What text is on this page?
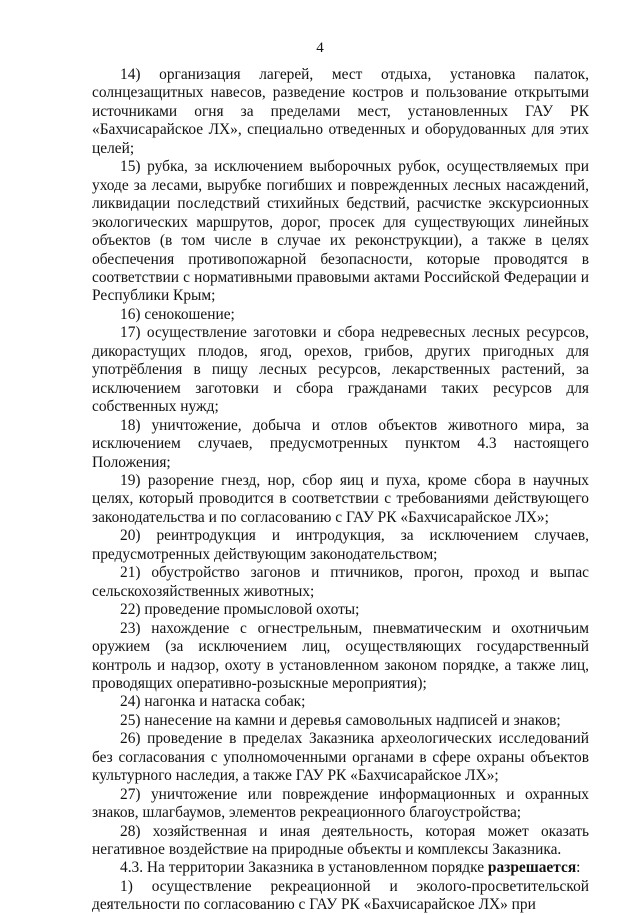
4

14) организация лагерей, мест отдыха, установка палаток, солнцезащитных навесов, разведение костров и пользование открытыми источниками огня за пределами мест, установленных ГАУ РК «Бахчисарайское ЛХ», специально отведенных и оборудованных для этих целей;

15) рубка, за исключением выборочных рубок, осуществляемых при уходе за лесами, вырубке погибших и поврежденных лесных насаждений, ликвидации последствий стихийных бедствий, расчистке экскурсионных экологических маршрутов, дорог, просек для существующих линейных объектов (в том числе в случае их реконструкции), а также в целях обеспечения противопожарной безопасности, которые проводятся в соответствии с нормативными правовыми актами Российской Федерации и Республики Крым;

16) сенокошение;

17) осуществление заготовки и сбора недревесных лесных ресурсов, дикорастущих плодов, ягод, орехов, грибов, других пригодных для употрёбления в пищу лесных ресурсов, лекарственных растений, за исключением заготовки и сбора гражданами таких ресурсов для собственных нужд;

18) уничтожение, добыча и отлов объектов животного мира, за исключением случаев, предусмотренных пунктом 4.3 настоящего Положения;

19) разорение гнезд, нор, сбор яиц и пуха, кроме сбора в научных целях, который проводится в соответствии с требованиями действующего законодательства и по согласованию с ГАУ РК «Бахчисарайское ЛХ»;

20) реинтродукция и интродукция, за исключением случаев, предусмотренных действующим законодательством;

21) обустройство загонов и птичников, прогон, проход и выпас сельскохозяйственных животных;

22) проведение промысловой охоты;

23) нахождение с огнестрельным, пневматическим и охотничьим оружием (за исключением лиц, осуществляющих государственный контроль и надзор, охоту в установленном законом порядке, а также лиц, проводящих оперативно-розыскные мероприятия);

24) нагонка и натаска собак;

25) нанесение на камни и деревья самовольных надписей и знаков;

26) проведение в пределах Заказника археологических исследований без согласования с уполномоченными органами в сфере охраны объектов культурного наследия, а также ГАУ РК «Бахчисарайское ЛХ»;

27) уничтожение или повреждение информационных и охранных знаков, шлагбаумов, элементов рекреационного благоустройства;

28) хозяйственная и иная деятельность, которая может оказать негативное воздействие на природные объекты и комплексы Заказника.

4.3. На территории Заказника в установленном порядке разрешается:

1) осуществление рекреационной и эколого-просветительской деятельности по согласованию с ГАУ РК «Бахчисарайское ЛХ» при
